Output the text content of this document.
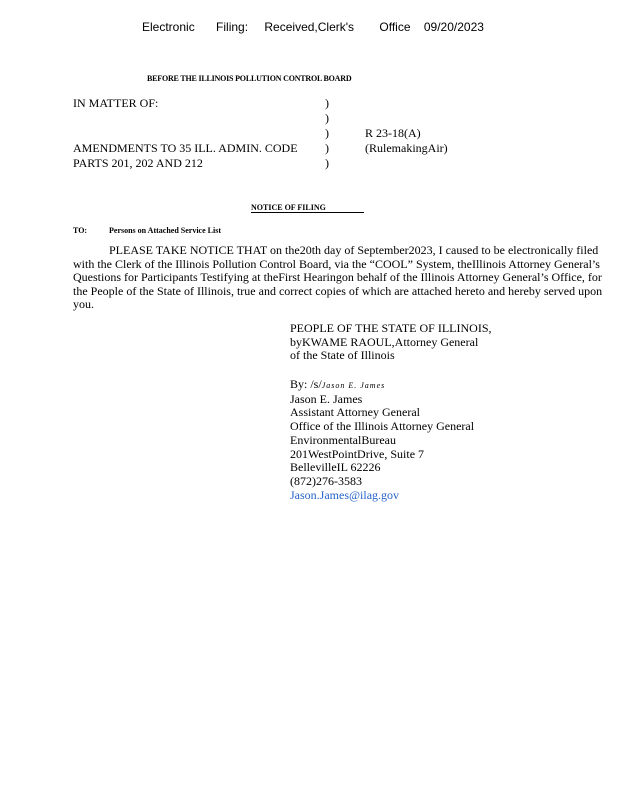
Electronic Filing: Received,Clerk's Office 09/20/2023
BEFORE THE ILLINOIS POLLUTION CONTROL BOARD
IN MATTER OF:
AMENDMENTS TO 35 ILL. ADMIN. CODE
PARTS 201, 202 AND 212
)
)
)
)
)
R 23-18(A)
(RulemakingAir)
NOTICE OF FILING
TO:	Persons on Attached Service List

PLEASE TAKE NOTICE THAT on the20th day of September2023, I caused to be electronically filed with the Clerk of the Illinois Pollution Control Board, via the “COOL” System, theIllinois Attorney General’s Questions for Participants Testifying at theFirst Hearingon behalf of the Illinois Attorney General’s Office, for the People of the State of Illinois, true and correct copies of which are attached hereto and hereby served upon you.

PEOPLE OF THE STATE OF ILLINOIS,
byKWAME RAOUL,Attorney General
of the State of Illinois
By: /s/Jason E. James
Jason E. James
Assistant Attorney General
Office of the Illinois Attorney General
EnvironmentalBureau
201WestPointDrive, Suite 7
BellevilleIL 62226
(872)276-3583
Jason.James@ilag.gov
